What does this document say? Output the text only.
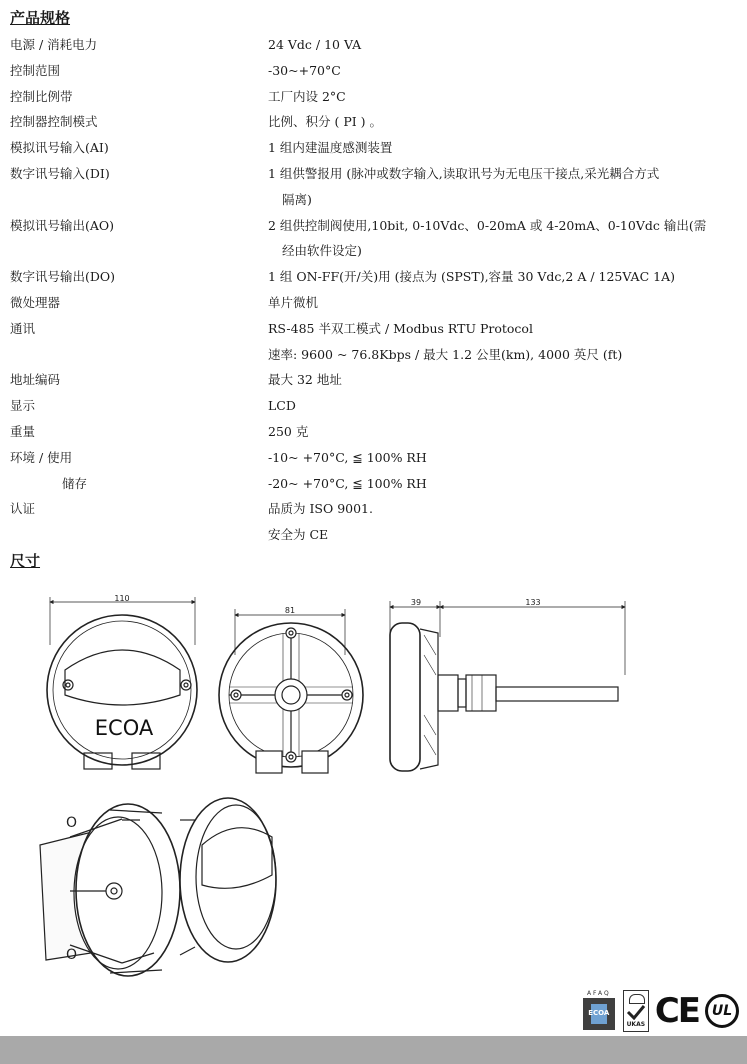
产品规格
电源 / 消耗电力	24 Vdc / 10 VA

控制范围	-30~+70°C

控制比例带	工厂内设 2°C

控制器控制模式	比例、积分 ( PI ) 。

模拟讯号输入(AI)	1 组内建温度感测装置

数字讯号输入(DI)	1 组供警报用 (脉冲或数字输入,读取讯号为无电压干接点,采光耦合方式
隔离)

模拟讯号输出(AO)	2 组供控制阀使用,10bit, 0-10Vdc、0-20mA 或 4-20mA、0-10Vdc 输出(需
经由软件设定)

数字讯号输出(DO)	1 组 ON-FF(开/关)用 (接点为 (SPST),容量 30 Vdc,2 A / 125VAC 1A)

微处理器	单片微机

通讯	RS-485 半双工模式 / Modbus RTU Protocol

	速率: 9600 ~ 76.8Kbps / 最大 1.2 公里(km), 4000 英尺 (ft)

地址编码	最大 32 地址

显示	LCD

重量	250 克

环境 / 使用	-10~ +70°C, ≦ 100% RH

储存	-20~ +70°C, ≦ 100% RH

认证	品质为 ISO 9001.

	安全为 CE
尺寸
110
ECOA
81
39	133
O
O
AFAQ
ECOA
UKAS CE UL
